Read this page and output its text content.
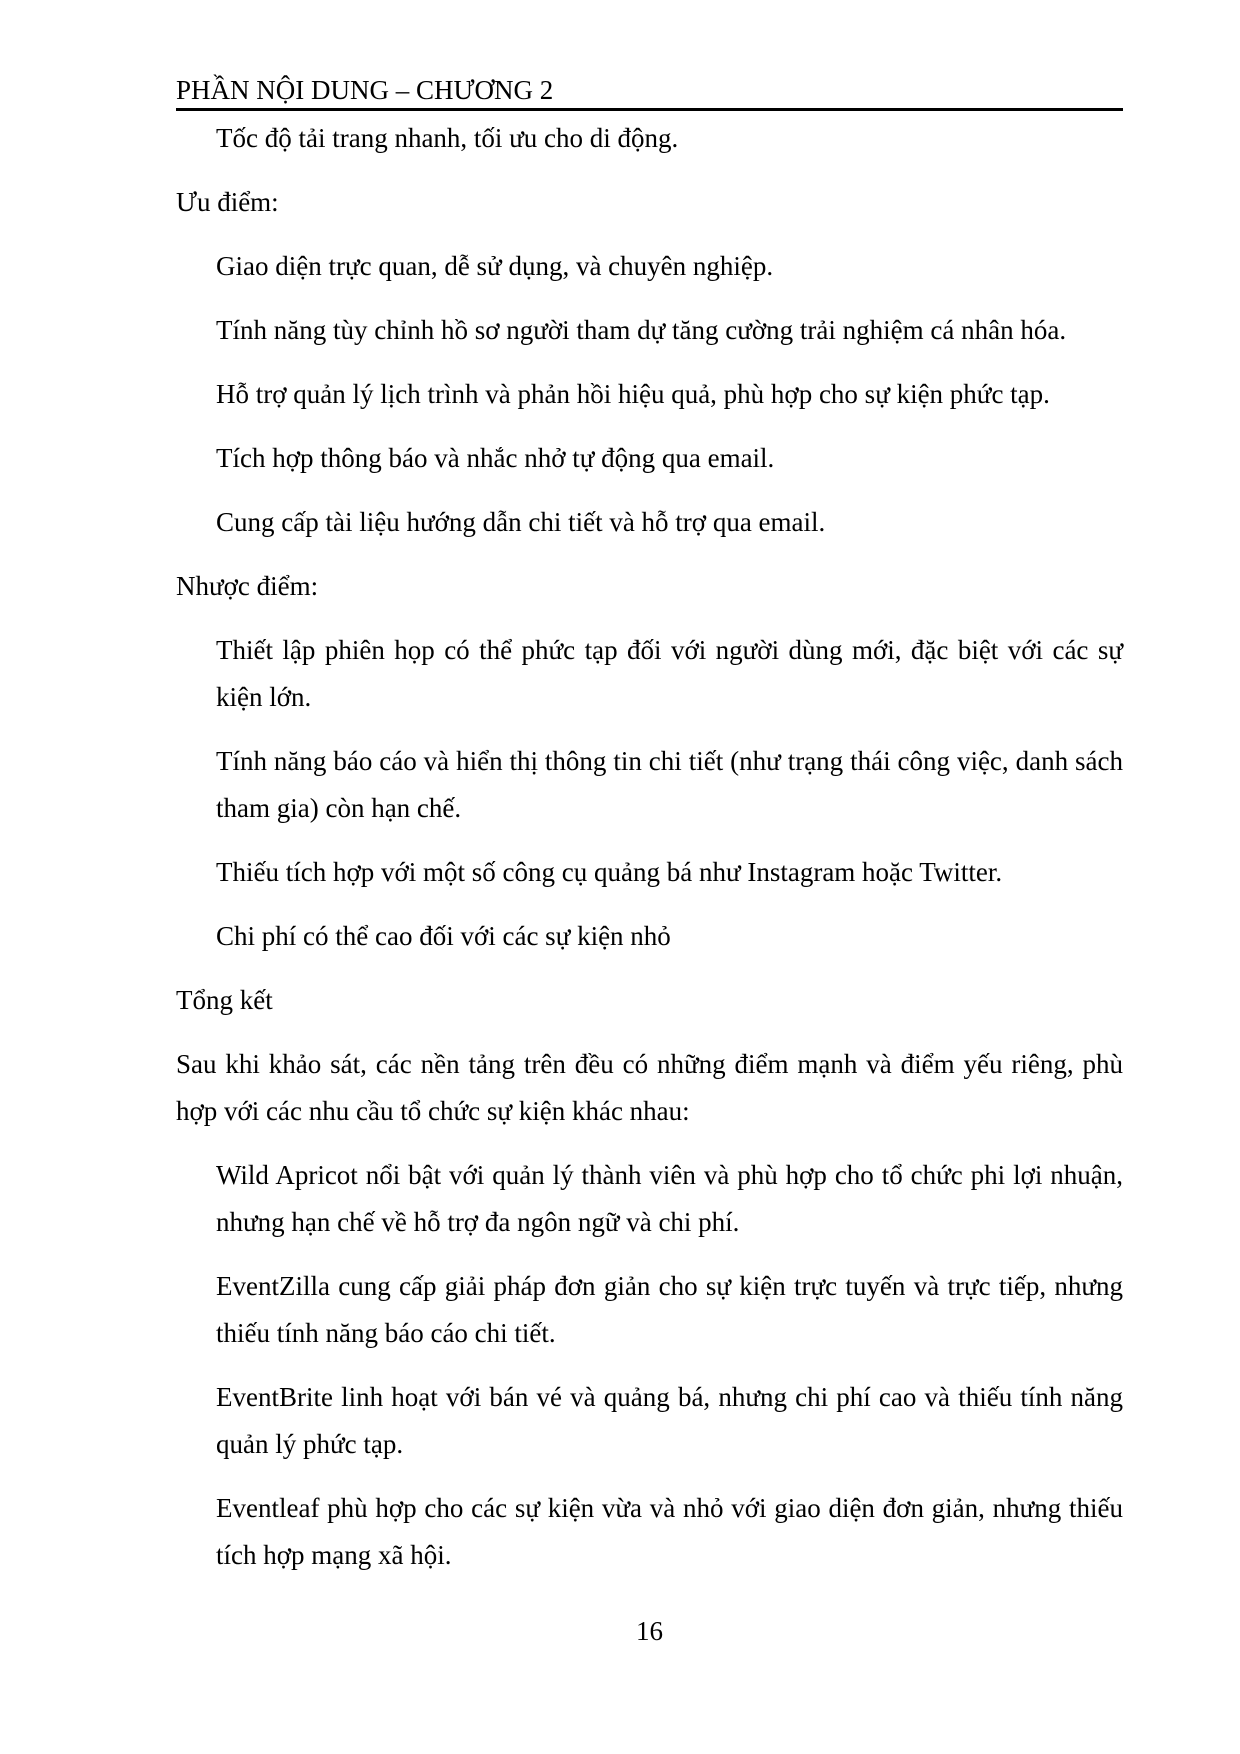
PHẦN NỘI DUNG – CHƯƠNG 2
Tốc độ tải trang nhanh, tối ưu cho di động.
Ưu điểm:
Giao diện trực quan, dễ sử dụng, và chuyên nghiệp.
Tính năng tùy chỉnh hồ sơ người tham dự tăng cường trải nghiệm cá nhân hóa.
Hỗ trợ quản lý lịch trình và phản hồi hiệu quả, phù hợp cho sự kiện phức tạp.
Tích hợp thông báo và nhắc nhở tự động qua email.
Cung cấp tài liệu hướng dẫn chi tiết và hỗ trợ qua email.
Nhược điểm:
Thiết lập phiên họp có thể phức tạp đối với người dùng mới, đặc biệt với các sự kiện lớn.
Tính năng báo cáo và hiển thị thông tin chi tiết (như trạng thái công việc, danh sách tham gia) còn hạn chế.
Thiếu tích hợp với một số công cụ quảng bá như Instagram hoặc Twitter.
Chi phí có thể cao đối với các sự kiện nhỏ
Tổng kết
Sau khi khảo sát, các nền tảng trên đều có những điểm mạnh và điểm yếu riêng, phù hợp với các nhu cầu tổ chức sự kiện khác nhau:
Wild Apricot nổi bật với quản lý thành viên và phù hợp cho tổ chức phi lợi nhuận, nhưng hạn chế về hỗ trợ đa ngôn ngữ và chi phí.
EventZilla cung cấp giải pháp đơn giản cho sự kiện trực tuyến và trực tiếp, nhưng thiếu tính năng báo cáo chi tiết.
EventBrite linh hoạt với bán vé và quảng bá, nhưng chi phí cao và thiếu tính năng quản lý phức tạp.
Eventleaf phù hợp cho các sự kiện vừa và nhỏ với giao diện đơn giản, nhưng thiếu tích hợp mạng xã hội.
16
